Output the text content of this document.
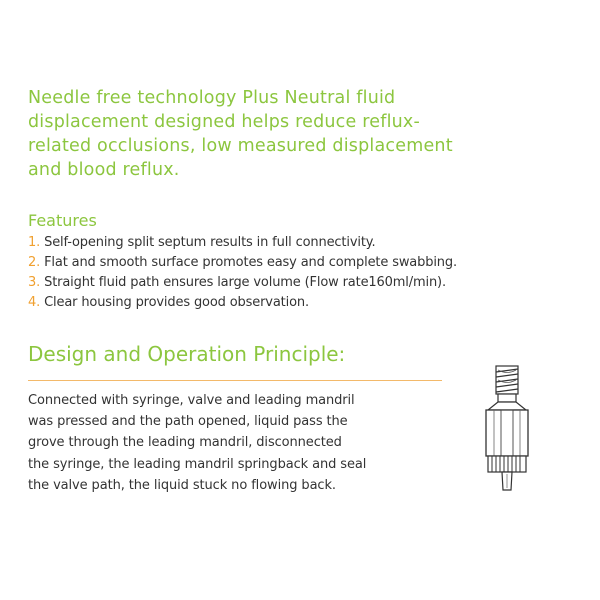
Needle free technology Plus Neutral fluid
displacement designed helps reduce reflux-
related occlusions, low measured displacement
and blood reflux.
Features
1. Self-opening split septum results in full connectivity.
2. Flat and smooth surface promotes easy and complete swabbing.
3. Straight fluid path ensures large volume (Flow rate160ml/min).
4. Clear housing provides good observation.
Design and Operation Principle:
Connected with syringe, valve and leading mandril
was pressed and the path opened, liquid pass the
grove through the leading mandril, disconnected
the syringe, the leading mandril springback and seal
the valve path, the liquid stuck no flowing back.
